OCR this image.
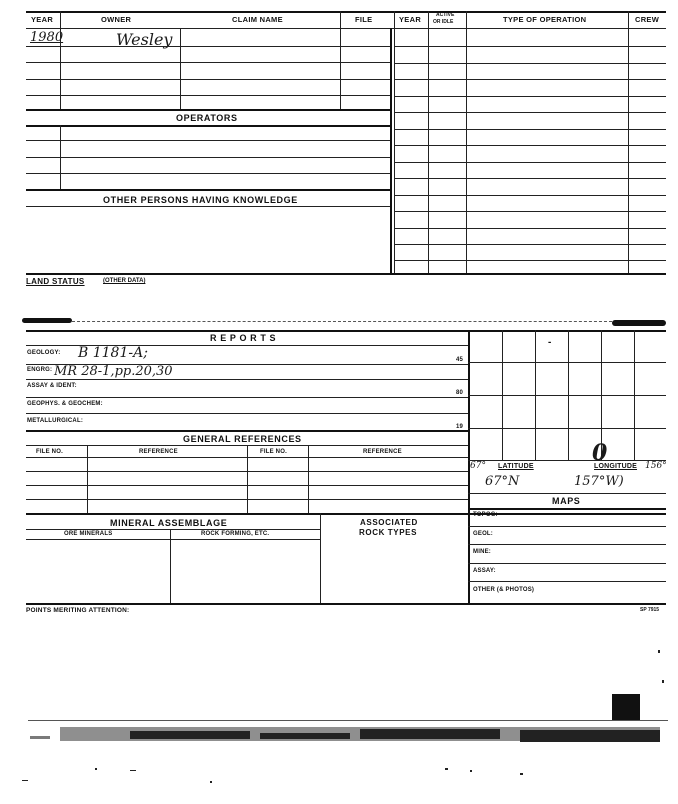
YEAR	OWNER	CLAIM NAME	FILE	YEAR	ACTIVE
OR IDLE	TYPE OF OPERATION	CREW
1980	Wesley
OPERATORS
OTHER PERSONS HAVING KNOWLEDGE
LAND STATUS	(OTHER DATA)
R E P O R T S
GEOLOGY: B 1181-A;	45
ENGRG: MR 28-1,pp.20,30
ASSAY & IDENT:
80
GEOPHYS. & GEOCHEM:
METALLURGICAL:
19
GENERAL REFERENCES
FILE NO.	REFERENCE	FILE NO.	REFERENCE
-
67° LATITUDE
0
LONGITUDE 156°
67°N	157°W)
MAPS
TOPOG:
GEOL:
MINE:
ASSAY:
OTHER (& PHOTOS)
MINERAL ASSEMBLAGE
ORE MINERALS	ROCK FORMING, ETC.
ASSOCIATED
ROCK TYPES
POINTS MERITING ATTENTION:	SP 7915
